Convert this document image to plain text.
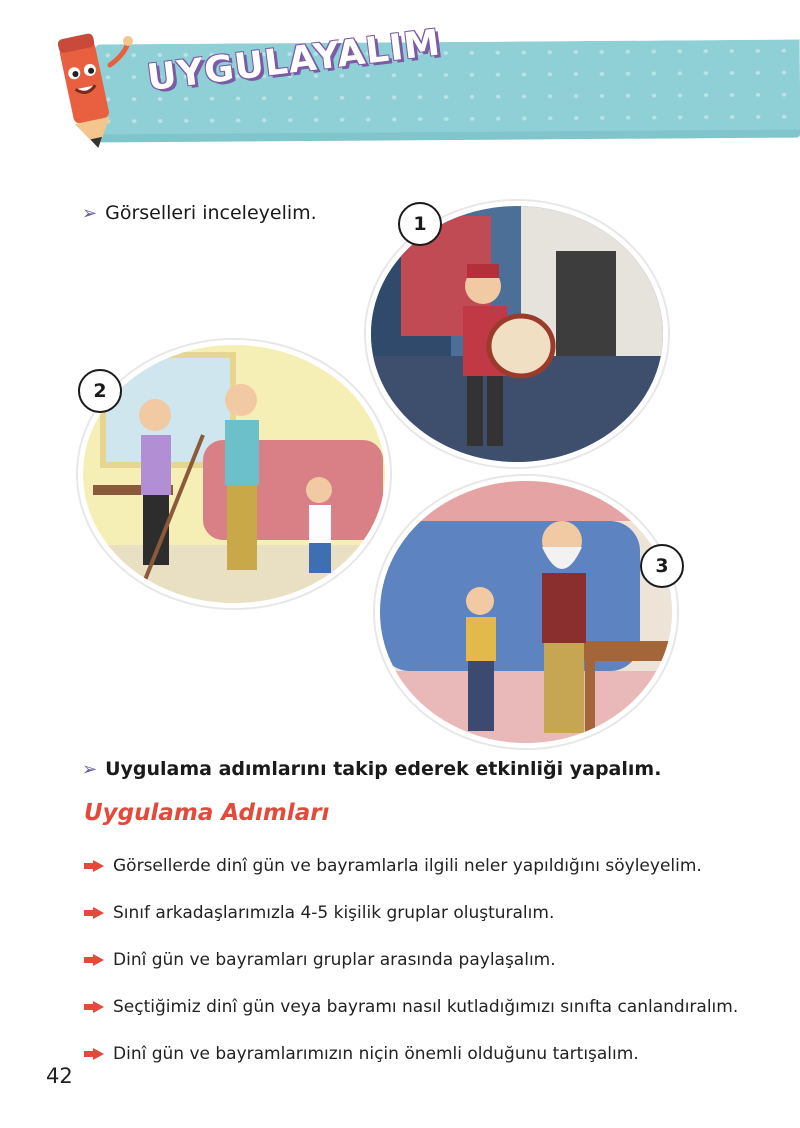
UYGULAYALIM
➢ Görselleri inceleyelim.	1
2
3
➢ Uygulama adımlarını takip ederek etkinliği yapalım.
Uygulama Adımları
Görsellerde dinî gün ve bayramlarla ilgili neler yapıldığını söyleyelim.
Sınıf arkadaşlarımızla 4-5 kişilik gruplar oluşturalım.
Dinî gün ve bayramları gruplar arasında paylaşalım.
Seçtiğimiz dinî gün veya bayramı nasıl kutladığımızı sınıfta canlandıralım.
Dinî gün ve bayramlarımızın niçin önemli olduğunu tartışalım.
42
